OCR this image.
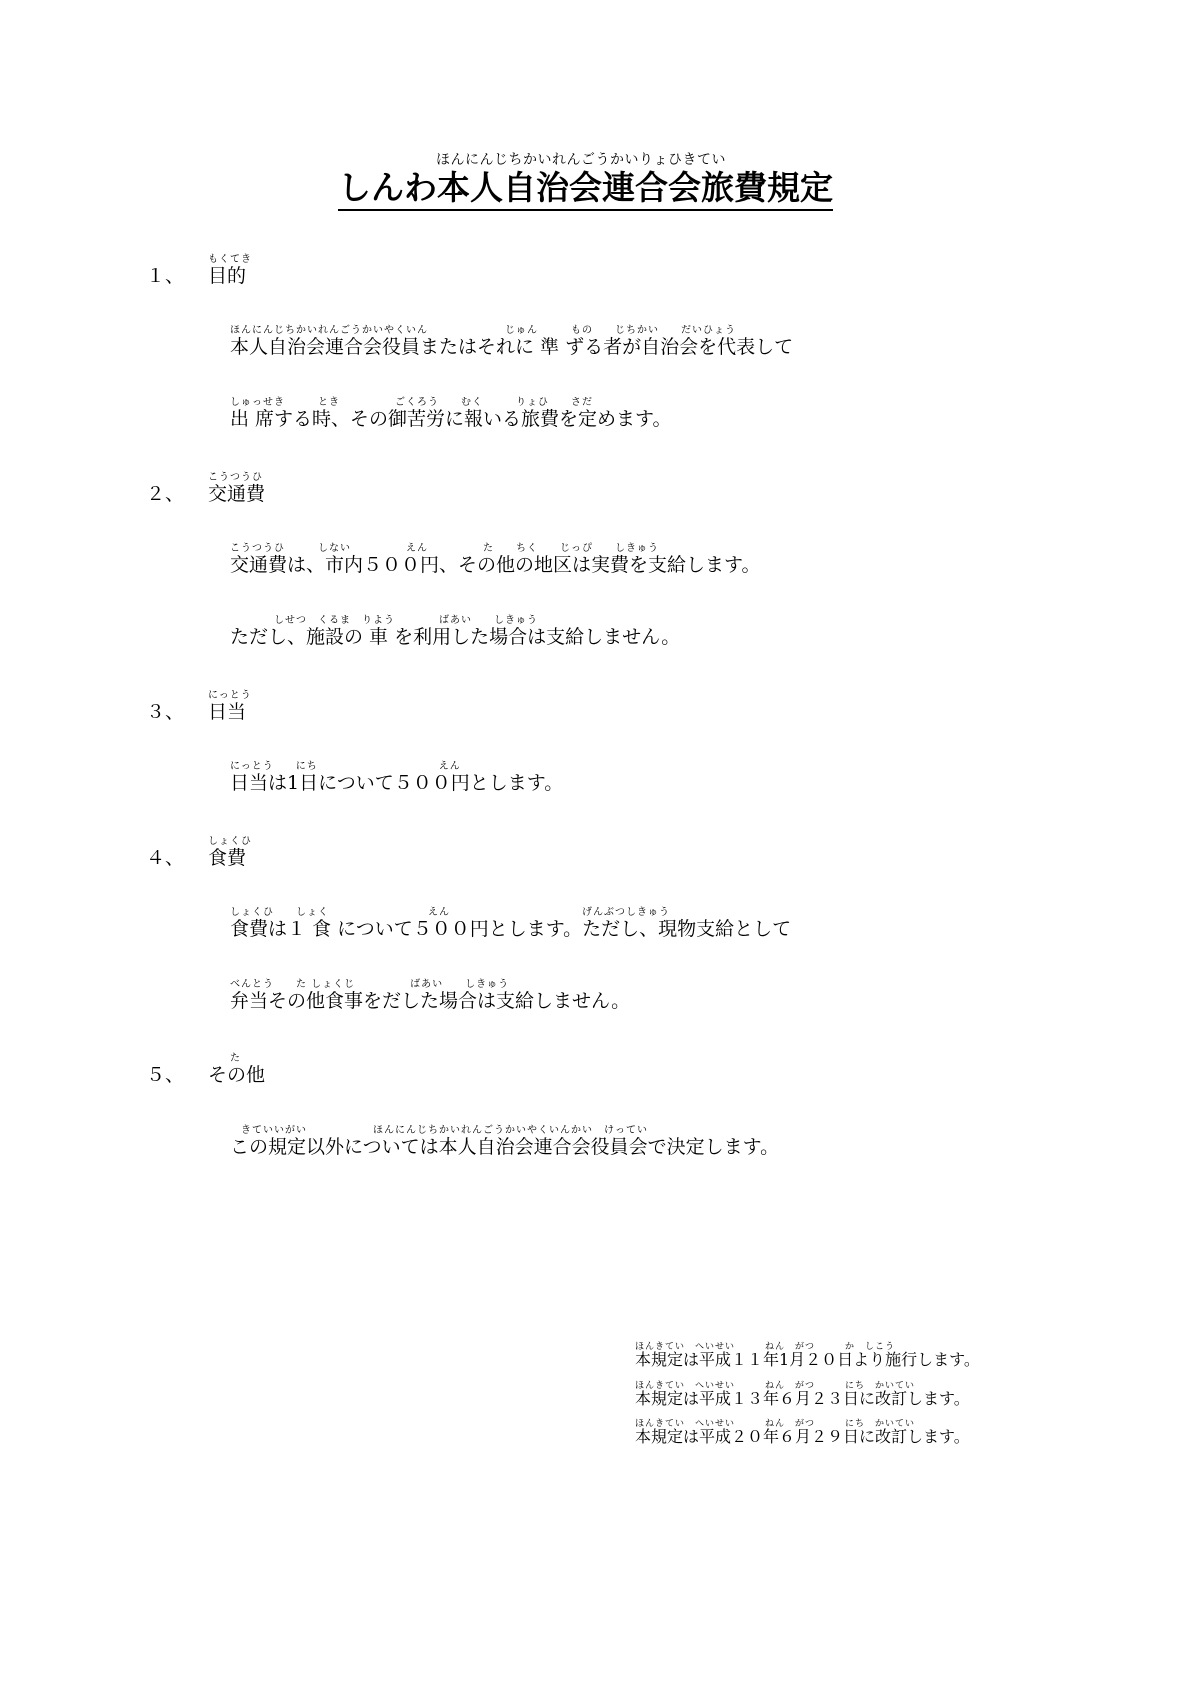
ほんにんじちかいれんごうかいりょひきてい
しんわ本人自治会連合会旅費規定
もくてき
１、 目的
ほんにんじちかいれんごうかいやくいん　　　　　　　じゅん　　　もの　　じちかい　　だいひょう
本人自治会連合会役員またはそれに 準 ずる者が自治会を代表して
しゅっせき　　　とき　　　　　ごくろう　　むく　　　りょひ　　さだ
出 席する時、その御苦労に報いる旅費を定めます。
こうつうひ
２、 交通費
こうつうひ　　　しない　　　　　えん　　　　　た　　ちく　　じっぴ　　しきゅう
交通費は、市内５００円、その他の地区は実費を支給します。
　　　　しせつ　くるま　りよう　　　　ばあい　　しきゅう
ただし、施設の 車 を利用した場合は支給しません。
にっとう
３、 日当
にっとう　　にち　　　　　　　　　　　えん
日当は1日について５００円とします。
しょくひ
４、 食費
しょくひ　　しょく　　　　　　　　　えん　　　　　　　　　　　　げんぶつしきゅう
食費は１ 食 について５００円とします。ただし、現物支給として
べんとう　　た しょくじ　　　　　ばあい　　しきゅう
弁当その他食事をだした場合は支給しません。
　　た
５、 その他
　きていいがい　　　　　　ほんにんじちかいれんごうかいやくいんかい　けってい
この規定以外については本人自治会連合会役員会で決定します。
ほんきてい　へいせい　　　ねん　がつ　　　か　しこう
本規定は平成１１年1月２０日より施行します。
ほんきてい　へいせい　　　ねん　がつ　　　にち　かいてい
本規定は平成１３年６月２３日に改訂します。
ほんきてい　へいせい　　　ねん　がつ　　　にち　かいてい
本規定は平成２０年６月２９日に改訂します。
